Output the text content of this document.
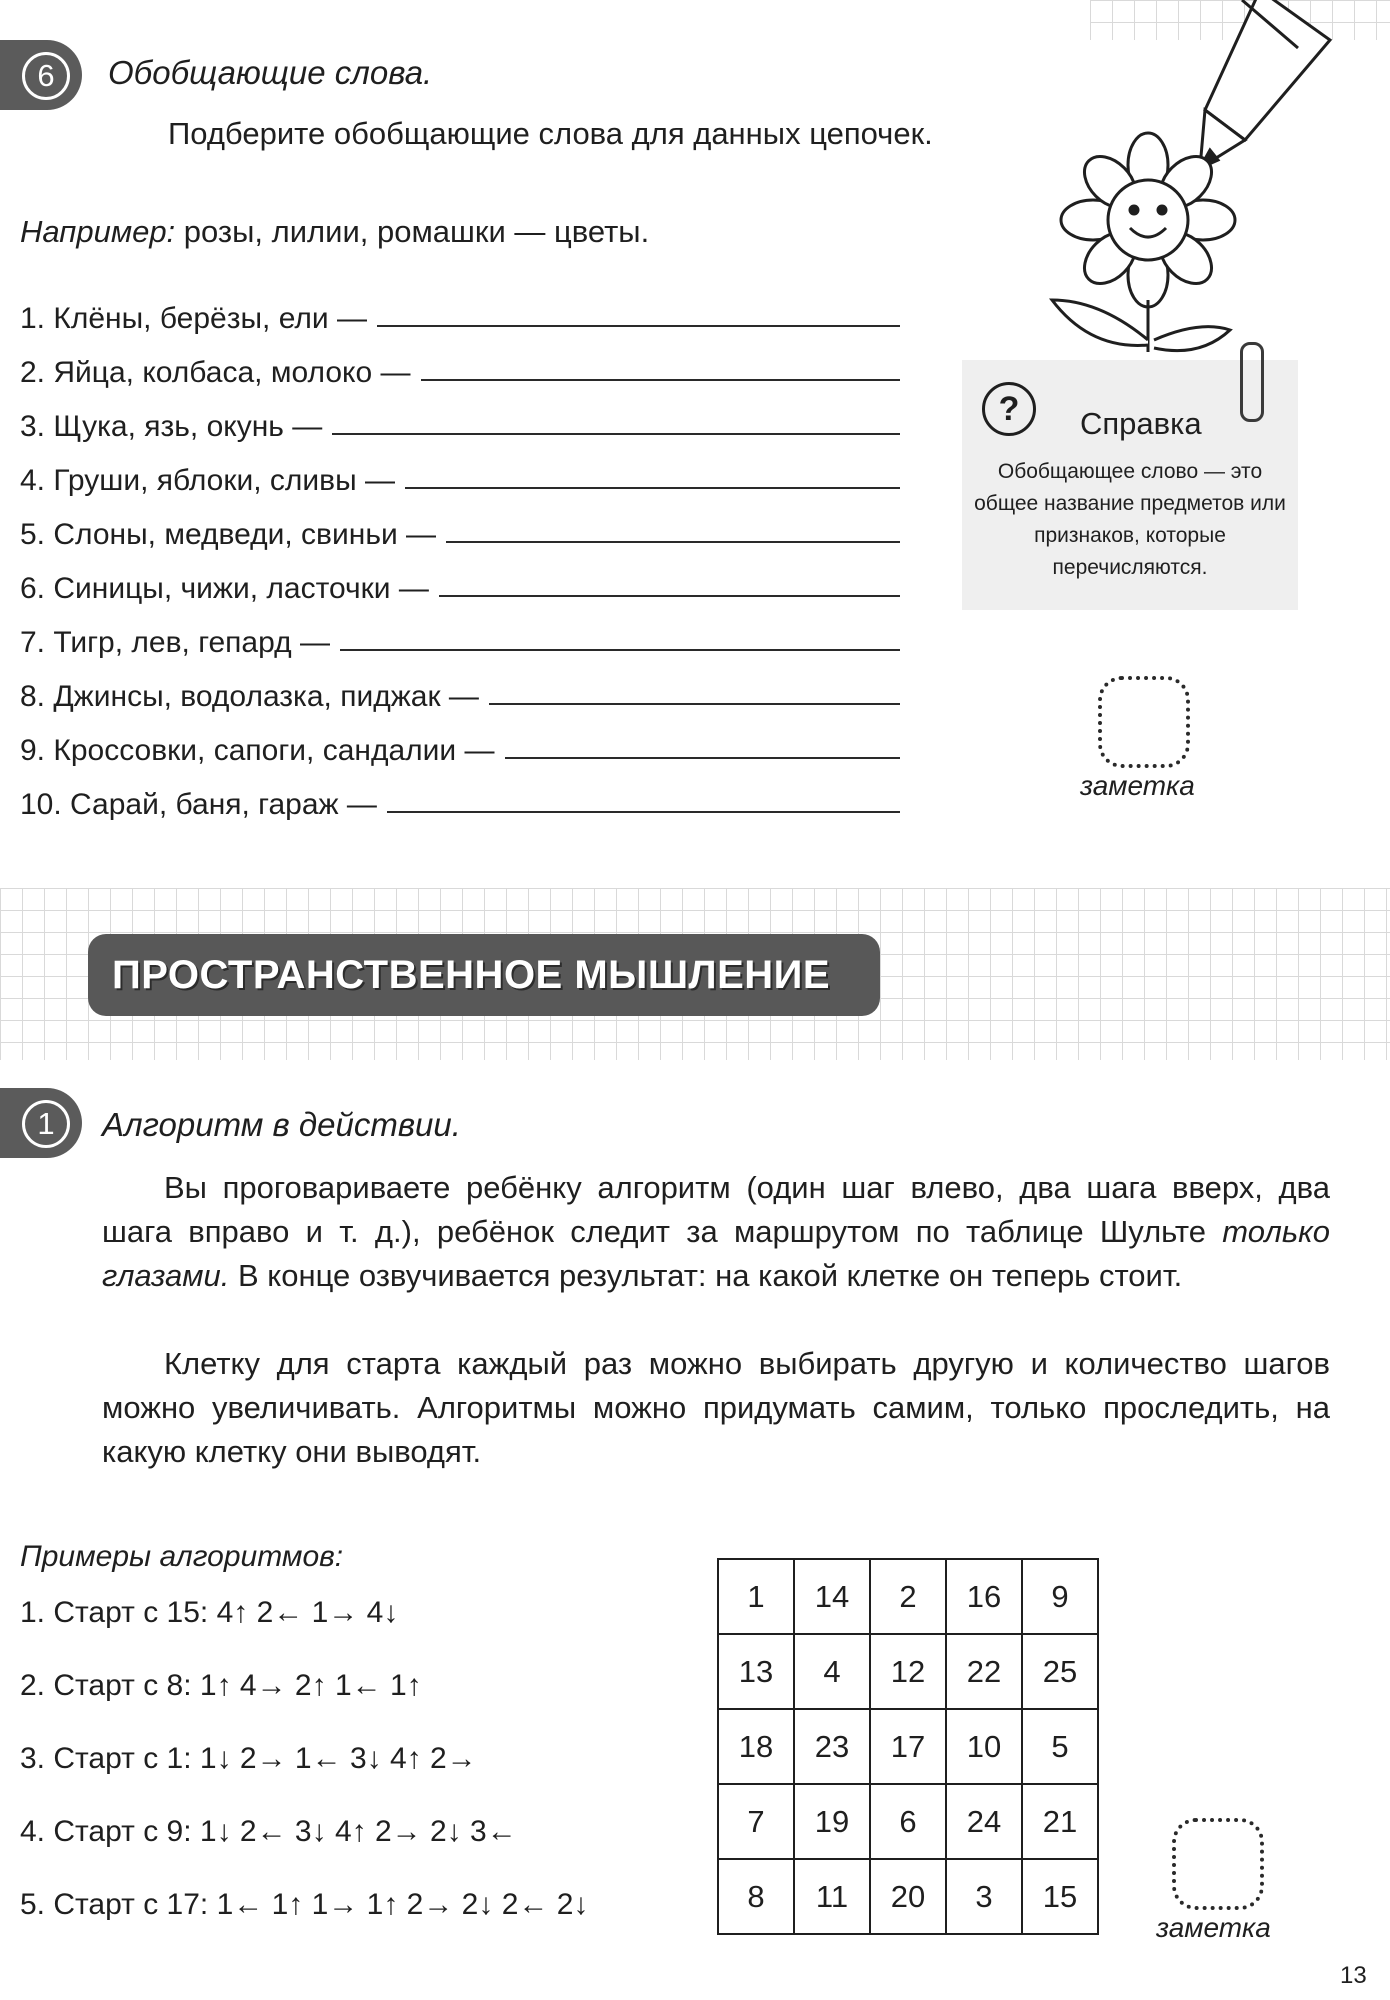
6	Обобщающие слова.
Подберите обобщающие слова для данных цепочек.
Например: розы, лилии, ромашки — цветы.
1. Клёны, берёзы, ели —
2. Яйца, колбаса, молоко —
3. Щука, язь, окунь —
4. Груши, яблоки, сливы —
5. Слоны, медведи, свиньи —
6. Синицы, чижи, ласточки —
7. Тигр, лев, гепард —
8. Джинсы, водолазка, пиджак —
9. Кроссовки, сапоги, сандалии —
10. Сарай, баня, гараж —
?	Справка
Обобщающее слово — это общее название предметов или признаков, которые перечисляются.
заметка
ПРОСТРАНСТВЕННОЕ МЫШЛЕНИЕ
1	Алгоритм в действии.

Вы проговариваете ребёнку алгоритм (один шаг влево, два шага вверх, два шага вправо и т. д.), ребёнок следит за маршрутом по таблице Шульте только глазами. В конце озвучивается результат: на какой клетке он теперь стоит.

Клетку для старта каждый раз можно выбирать другую и количество шагов можно увеличивать. Алгоритмы можно придумать самим, только проследить, на какую клетку они выводят.

Примеры алгоритмов:
1. Старт с 15: 4↑ 2← 1→ 4↓
2. Старт с 8: 1↑ 4→ 2↑ 1← 1↑
3. Старт с 1: 1↓ 2→ 1← 3↓ 4↑ 2→
4. Старт с 9: 1↓ 2← 3↓ 4↑ 2→ 2↓ 3←
5. Старт с 17: 1← 1↑ 1→ 1↑ 2→ 2↓ 2← 2↓
1	14	2	16	9
13	4	12	22	25
18	23	17	10	5
7	19	6	24	21
8	11	20	3	15
заметка
13
